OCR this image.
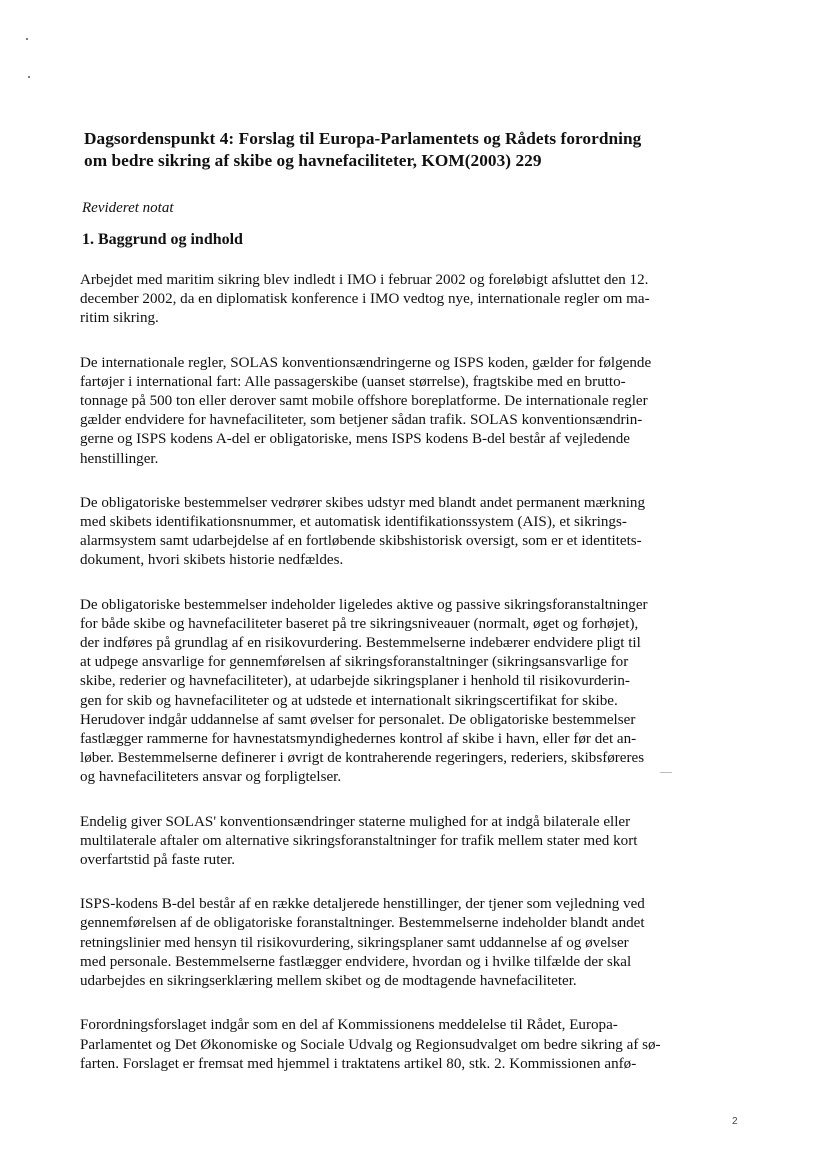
Dagsordenspunkt 4: Forslag til Europa-Parlamentets og Rådets forordning
om bedre sikring af skibe og havnefaciliteter, KOM(2003) 229
Revideret notat
1. Baggrund og indhold
Arbejdet med maritim sikring blev indledt i IMO i februar 2002 og foreløbigt afsluttet den 12.
december 2002, da en diplomatisk konference i IMO vedtog nye, internationale regler om ma-
ritim sikring.
De internationale regler, SOLAS konventionsændringerne og ISPS koden, gælder for følgende
fartøjer i international fart: Alle passagerskibe (uanset størrelse), fragtskibe med en brutto-
tonnage på 500 ton eller derover samt mobile offshore boreplatforme. De internationale regler
gælder endvidere for havnefaciliteter, som betjener sådan trafik. SOLAS konventionsændrin-
gerne og ISPS kodens A-del er obligatoriske, mens ISPS kodens B-del består af vejledende
henstillinger.
De obligatoriske bestemmelser vedrører skibes udstyr med blandt andet permanent mærkning
med skibets identifikationsnummer, et automatisk identifikationssystem (AIS), et sikrings-
alarmsystem samt udarbejdelse af en fortløbende skibshistorisk oversigt, som er et identitets-
dokument, hvori skibets historie nedfældes.
De obligatoriske bestemmelser indeholder ligeledes aktive og passive sikringsforanstaltninger
for både skibe og havnefaciliteter baseret på tre sikringsniveauer (normalt, øget og forhøjet),
der indføres på grundlag af en risikovurdering. Bestemmelserne indebærer endvidere pligt til
at udpege ansvarlige for gennemførelsen af sikringsforanstaltninger (sikringsansvarlige for
skibe, rederier og havnefaciliteter), at udarbejde sikringsplaner i henhold til risikovurderin-
gen for skib og havnefaciliteter og at udstede et internationalt sikringscertifikat for skibe.
Herudover indgår uddannelse af samt øvelser for personalet. De obligatoriske bestemmelser
fastlægger rammerne for havnestatsmyndighedernes kontrol af skibe i havn, eller før det an-
løber. Bestemmelserne definerer i øvrigt de kontraherende regeringers, rederiers, skibsføreres
og havnefaciliteters ansvar og forpligtelser.
Endelig giver SOLAS' konventionsændringer staterne mulighed for at indgå bilaterale eller
multilaterale aftaler om alternative sikringsforanstaltninger for trafik mellem stater med kort
overfartstid på faste ruter.
ISPS-kodens B-del består af en række detaljerede henstillinger, der tjener som vejledning ved
gennemførelsen af de obligatoriske foranstaltninger. Bestemmelserne indeholder blandt andet
retningslinier med hensyn til risikovurdering, sikringsplaner samt uddannelse af og øvelser
med personale. Bestemmelserne fastlægger endvidere, hvordan og i hvilke tilfælde der skal
udarbejdes en sikringserklæring mellem skibet og de modtagende havnefaciliteter.
Forordningsforslaget indgår som en del af Kommissionens meddelelse til Rådet, Europa-
Parlamentet og Det Økonomiske og Sociale Udvalg og Regionsudvalget om bedre sikring af sø-
farten. Forslaget er fremsat med hjemmel i traktatens artikel 80, stk. 2. Kommissionen anfø-
2
